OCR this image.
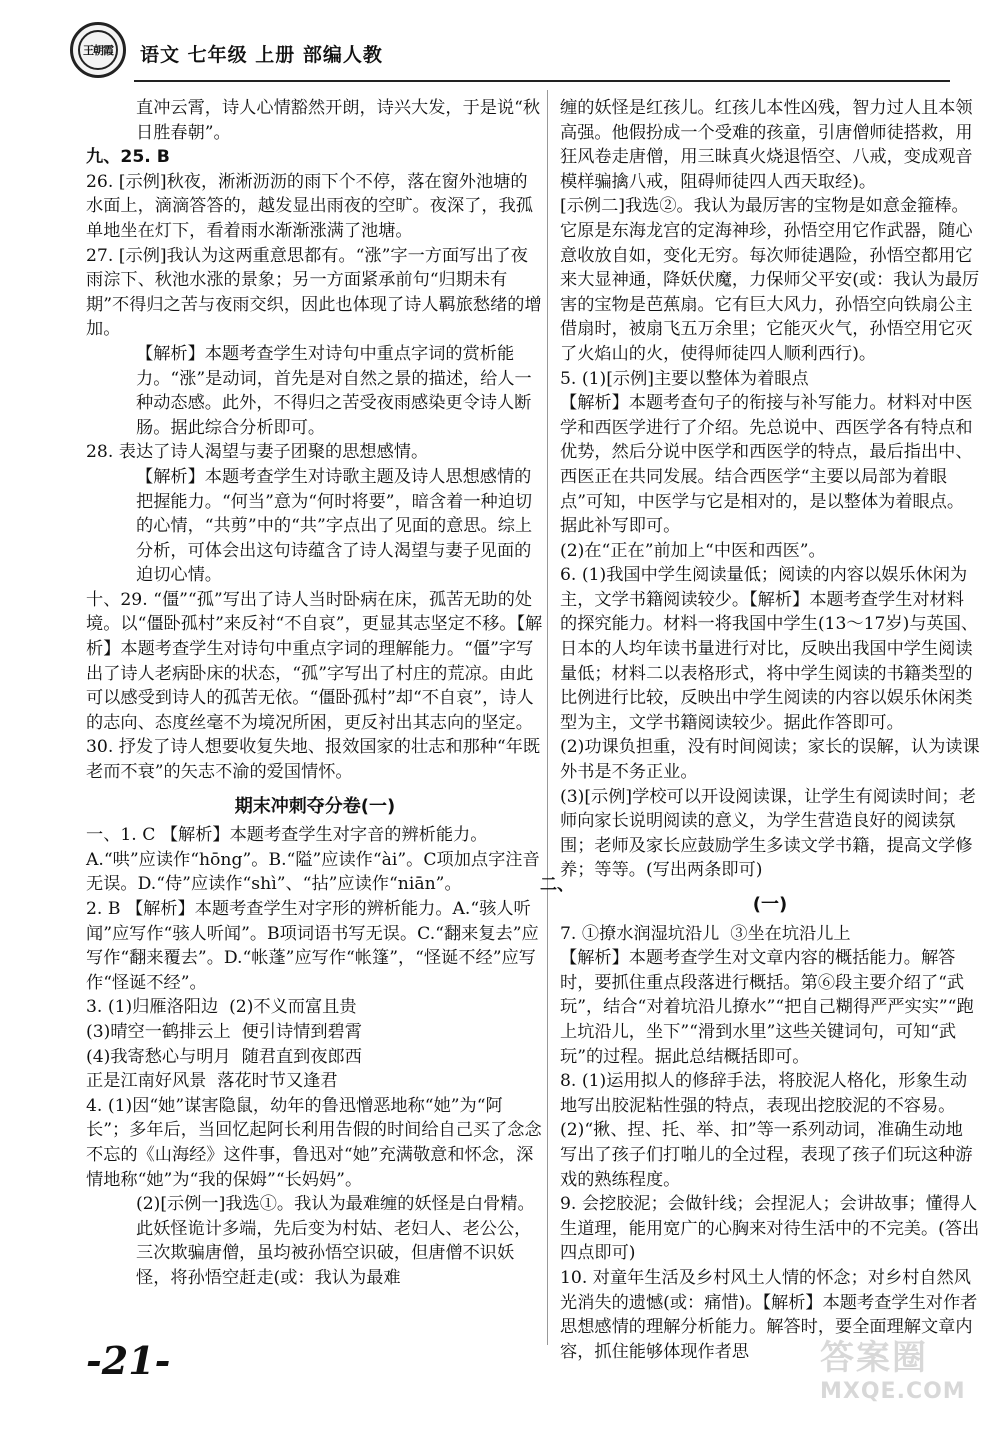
王朝霞 语文 七年级 上册 部编人教

直冲云霄，诗人心情豁然开朗，诗兴大发，于是说“秋日胜春朝”。

九、25. B

26. [示例]秋夜，淅淅沥沥的雨下个不停，落在窗外池塘的水面上，滴滴答答的，越发显出雨夜的空旷。夜深了，我孤单地坐在灯下，看着雨水渐渐涨满了池塘。

27. [示例]我认为这两重意思都有。“涨”字一方面写出了夜雨淙下、秋池水涨的景象；另一方面紧承前句“归期未有期”不得归之苦与夜雨交织，因此也体现了诗人羁旅愁绪的增加。

【解析】本题考查学生对诗句中重点字词的赏析能力。“涨”是动词，首先是对自然之景的描述，给人一种动态感。此外，不得归之苦受夜雨感染更令诗人断肠。据此综合分析即可。

28. 表达了诗人渴望与妻子团聚的思想感情。

【解析】本题考查学生对诗歌主题及诗人思想感情的把握能力。“何当”意为“何时将要”，暗含着一种迫切的心情，“共剪”中的“共”字点出了见面的意思。综上分析，可体会出这句诗蕴含了诗人渴望与妻子见面的迫切心情。

十、29. “僵”“孤”写出了诗人当时卧病在床，孤苦无助的处境。以“僵卧孤村”来反衬“不自哀”，更显其志坚定不移。【解析】本题考查学生对诗句中重点字词的理解能力。“僵”字写出了诗人老病卧床的状态，“孤”字写出了村庄的荒凉。由此可以感受到诗人的孤苦无依。“僵卧孤村”却“不自哀”，诗人的志向、态度丝毫不为境况所困，更反衬出其志向的坚定。

30. 抒发了诗人想要收复失地、报效国家的壮志和那种“年既老而不衰”的矢志不渝的爱国情怀。

期末冲刺夺分卷(一)

一、1. C 【解析】本题考查学生对字音的辨析能力。A.“哄”应读作“hōng”。B.“隘”应读作“ài”。C项加点字注音无误。D.“侍”应读作“shì”、“拈”应读作“niān”。

2. B 【解析】本题考查学生对字形的辨析能力。A.“骇人听闻”应写作“骇人听闻”。B项词语书写无误。C.“翻来复去”应写作“翻来覆去”。D.“帐蓬”应写作“帐篷”，“怪诞不经”应写作“怪诞不经”。

3. (1)归雁洛阳边  (2)不义而富且贵
(3)晴空一鹤排云上  便引诗情到碧霄
(4)我寄愁心与明月  随君直到夜郎西
正是江南好风景  落花时节又逢君

4. (1)因“她”谋害隐鼠，幼年的鲁迅憎恶地称“她”为“阿长”；多年后，当回忆起阿长利用告假的时间给自己买了念念不忘的《山海经》这件事，鲁迅对“她”充满敬意和怀念，深情地称“她”为“我的保姆”“长妈妈”。

(2)[示例一]我选①。我认为最难缠的妖怪是白骨精。此妖怪诡计多端，先后变为村姑、老妇人、老公公，三次欺骗唐僧，虽均被孙悟空识破，但唐僧不识妖怪，将孙悟空赶走(或：我认为最难

缠的妖怪是红孩儿。红孩儿本性凶残，智力过人且本领高强。他假扮成一个受难的孩童，引唐僧师徒搭救，用狂风卷走唐僧，用三昧真火烧退悟空、八戒，变成观音模样骗擒八戒，阻碍师徒四人西天取经)。

[示例二]我选②。我认为最厉害的宝物是如意金箍棒。它原是东海龙宫的定海神珍，孙悟空用它作武器，随心意收放自如，变化无穷。每次师徒遇险，孙悟空都用它来大显神通，降妖伏魔，力保师父平安(或：我认为最厉害的宝物是芭蕉扇。它有巨大风力，孙悟空向铁扇公主借扇时，被扇飞五万余里；它能灭火气，孙悟空用它灭了火焰山的火，使得师徒四人顺利西行)。

5. (1)[示例]主要以整体为着眼点

【解析】本题考查句子的衔接与补写能力。材料对中医学和西医学进行了介绍。先总说中、西医学各有特点和优势，然后分说中医学和西医学的特点，最后指出中、西医正在共同发展。结合西医学“主要以局部为着眼点”可知，中医学与它是相对的，是以整体为着眼点。据此补写即可。

(2)在“正在”前加上“中医和西医”。

6. (1)我国中学生阅读量低；阅读的内容以娱乐休闲为主，文学书籍阅读较少。【解析】本题考查学生对材料的探究能力。材料一将我国中学生(13～17岁)与英国、日本的人均年读书量进行对比，反映出我国中学生阅读量低；材料二以表格形式，将中学生阅读的书籍类型的比例进行比较，反映出中学生阅读的内容以娱乐休闲类型为主，文学书籍阅读较少。据此作答即可。

(2)功课负担重，没有时间阅读；家长的误解，认为读课外书是不务正业。

(3)[示例]学校可以开设阅读课，让学生有阅读时间；老师向家长说明阅读的意义，为学生营造良好的阅读氛围；老师及家长应鼓励学生多读文学书籍，提高文学修养；等等。(写出两条即可)

(一)

7. ①撩水润湿坑沿儿  ③坐在坑沿儿上

【解析】本题考查学生对文章内容的概括能力。解答时，要抓住重点段落进行概括。第⑥段主要介绍了“武玩”，结合“对着坑沿儿撩水”“把自己糊得严严实实”“跑上坑沿儿，坐下”“滑到水里”这些关键词句，可知“武玩”的过程。据此总结概括即可。

8. (1)运用拟人的修辞手法，将胶泥人格化，形象生动地写出胶泥粘性强的特点，表现出挖胶泥的不容易。

(2)“揪、捏、托、举、扣”等一系列动词，准确生动地写出了孩子们打啪儿的全过程，表现了孩子们玩这种游戏的熟练程度。

9. 会挖胶泥；会做针线；会捏泥人；会讲故事；懂得人生道理，能用宽广的心胸来对待生活中的不完美。(答出四点即可)

10. 对童年生活及乡村风土人情的怀念；对乡村自然风光消失的遗憾(或：痛惜)。【解析】本题考查学生对作者思想感情的理解分析能力。解答时，要全面理解文章内容，抓住能够体现作者思

二、
-21-	答案圈
MXQE.COM
